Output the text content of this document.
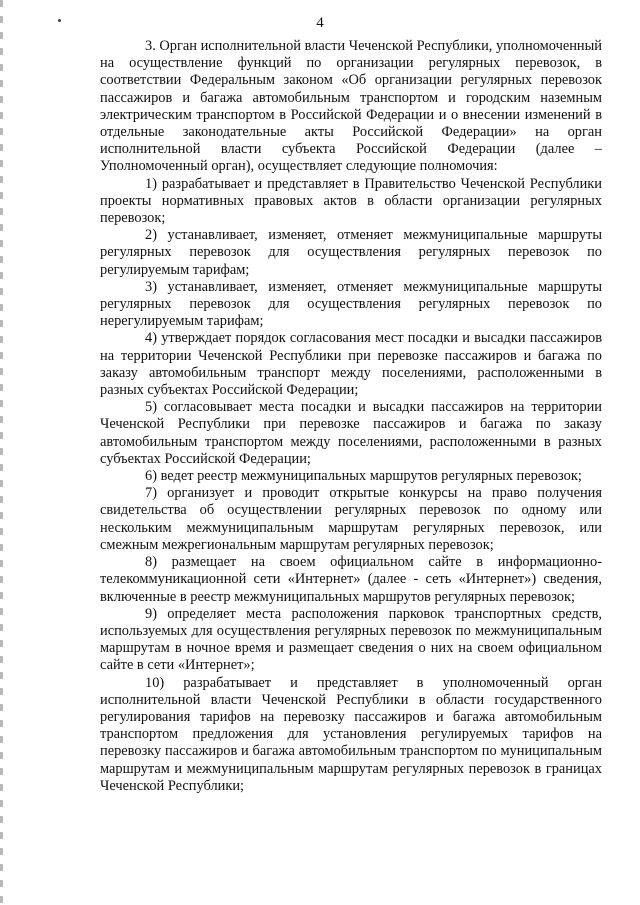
4

3. Орган исполнительной власти Чеченской Республики, уполномоченный на осуществление функций по организации регулярных перевозок, в соответствии Федеральным законом «Об организации регулярных перевозок пассажиров и багажа автомобильным транспортом и городским наземным электрическим транспортом в Российской Федерации и о внесении изменений в отдельные законодательные акты Российской Федерации» на орган исполнительной власти субъекта Российской Федерации (далее – Уполномоченный орган), осуществляет следующие полномочия:

1) разрабатывает и представляет в Правительство Чеченской Республики проекты нормативных правовых актов в области организации регулярных перевозок;

2) устанавливает, изменяет, отменяет межмуниципальные маршруты регулярных перевозок для осуществления регулярных перевозок по регулируемым тарифам;

3) устанавливает, изменяет, отменяет межмуниципальные маршруты регулярных перевозок для осуществления регулярных перевозок по нерегулируемым тарифам;

4) утверждает порядок согласования мест посадки и высадки пассажиров на территории Чеченской Республики при перевозке пассажиров и багажа по заказу автомобильным транспорт между поселениями, расположенными в разных субъектах Российской Федерации;

5) согласовывает места посадки и высадки пассажиров на территории Чеченской Республики при перевозке пассажиров и багажа по заказу автомобильным транспортом между поселениями, расположенными в разных субъектах Российской Федерации;

6) ведет реестр межмуниципальных маршрутов регулярных перевозок;

7) организует и проводит открытые конкурсы на право получения свидетельства об осуществлении регулярных перевозок по одному или нескольким межмуниципальным маршрутам регулярных перевозок, или смежным межрегиональным маршрутам регулярных перевозок;

8) размещает на своем официальном сайте в информационно-телекоммуникационной сети «Интернет» (далее - сеть «Интернет») сведения, включенные в реестр межмуниципальных маршрутов регулярных перевозок;

9) определяет места расположения парковок транспортных средств, используемых для осуществления регулярных перевозок по межмуниципальным маршрутам в ночное время и размещает сведения о них на своем официальном сайте в сети «Интернет»;

10) разрабатывает и представляет в уполномоченный орган исполнительной власти Чеченской Республики в области государственного регулирования тарифов на перевозку пассажиров и багажа автомобильным транспортом предложения для установления регулируемых тарифов на перевозку пассажиров и багажа автомобильным транспортом по муниципальным маршрутам и межмуниципальным маршрутам регулярных перевозок в границах Чеченской Республики;
